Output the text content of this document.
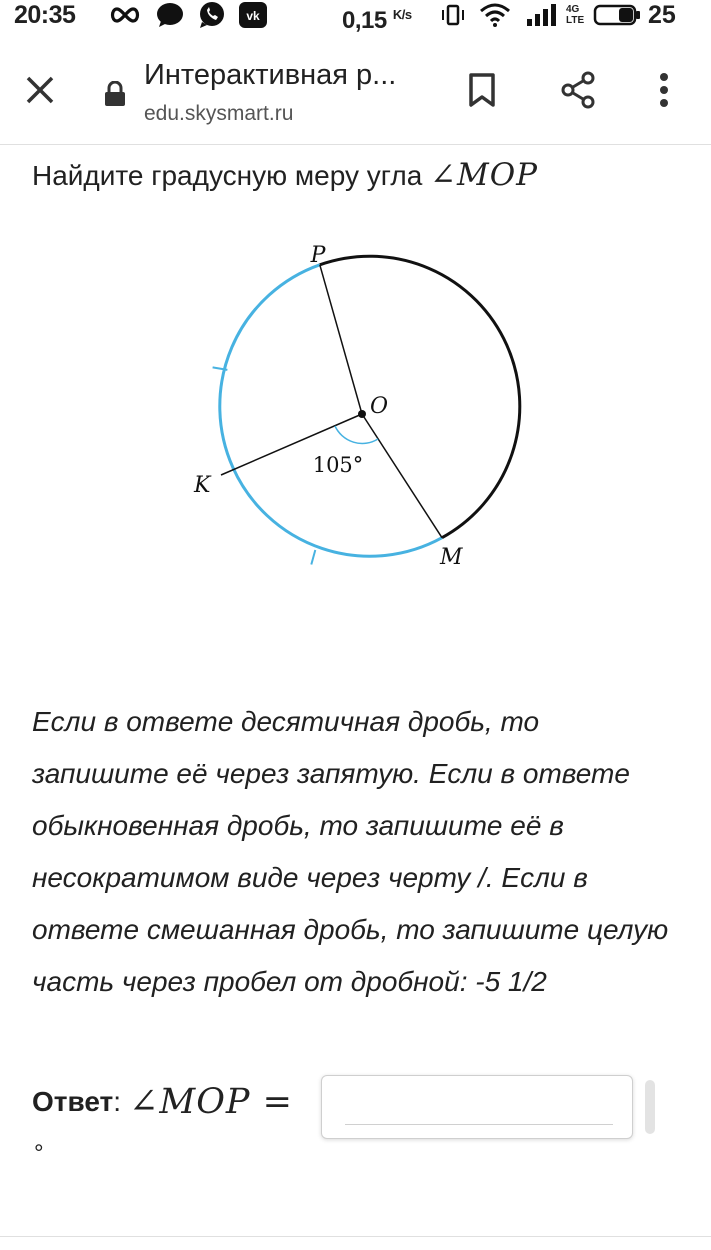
20:35	vk	0,15 $^{K/s}$	4G LTE	25
Интерактивная р...
edu.skysmart.ru
Найдите градусную меру угла ∠MOP
P
O
K
M
105°
Если в ответе десятичная дробь, то запишите её через запятую. Если в ответе обыкновенная дробь, то запишите её в несократимом виде через черту /. Если в ответе смешанная дробь, то запишите целую часть через пробел от дробной: -5 1/2
Ответ : ∠MOP =
°
